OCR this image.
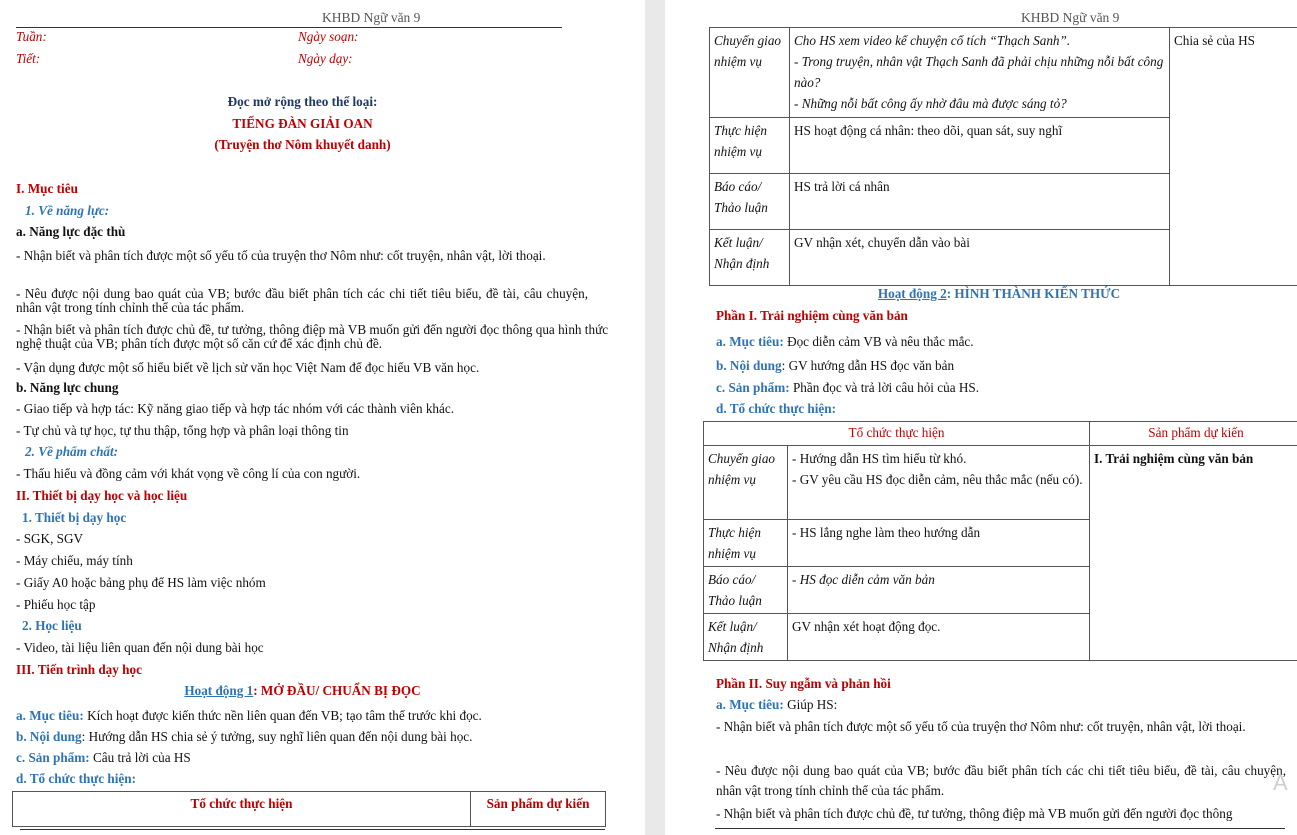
KHBD Ngữ văn 9
Tuần:	Ngày soạn:
Tiết:	Ngày dạy:
Đọc mở rộng theo thể loại:
TIẾNG ĐÀN GIẢI OAN
(Truyện thơ Nôm khuyết danh)
I. Mục tiêu
1. Về năng lực:
a. Năng lực đặc thù
- Nhận biết và phân tích được một số yếu tố của truyện thơ Nôm như: cốt truyện, nhân vật, lời thoại.
- Nêu được nội dung bao quát của VB; bước đầu biết phân tích các chi tiết tiêu biểu, đề tài, câu chuyện, nhân vật trong tính chỉnh thể của tác phẩm.
- Nhận biết và phân tích được chủ đề, tư tưởng, thông điệp mà VB muốn gửi đến người đọc thông qua hình thức nghệ thuật của VB; phân tích được một số căn cứ để xác định chủ đề.
- Vận dụng được một số hiểu biết về lịch sử văn học Việt Nam để đọc hiểu VB văn học.
b. Năng lực chung
- Giao tiếp và hợp tác: Kỹ năng giao tiếp và hợp tác nhóm với các thành viên khác.
- Tự chủ và tự học, tự thu thập, tổng hợp và phân loại thông tin
2. Về phẩm chất:
- Thấu hiểu và đồng cảm với khát vọng về công lí của con người.
II. Thiết bị dạy học và học liệu
1. Thiết bị dạy học
- SGK, SGV
- Máy chiếu, máy tính
- Giấy A0 hoặc bảng phụ để HS làm việc nhóm
- Phiếu học tập
2. Học liệu
- Video, tài liệu liên quan đến nội dung bài học
III. Tiến trình dạy học
Hoạt động 1: MỞ ĐẦU/ CHUẨN BỊ ĐỌC
a. Mục tiêu: Kích hoạt được kiến thức nền liên quan đến VB; tạo tâm thế trước khi đọc.
b. Nội dung: Hướng dẫn HS chia sẻ ý tưởng, suy nghĩ liên quan đến nội dung bài học.
c. Sản phẩm: Câu trả lời của HS
d. Tổ chức thực hiện:
Tổ chức thực hiện	Sản phẩm dự kiến
KHBD Ngữ văn 9
Chuyển giao nhiệm vụ	Cho HS xem video kể chuyện cổ tích “Thạch Sanh”.
- Trong truyện, nhân vật Thạch Sanh đã phải chịu những nỗi bất công nào?
- Những nỗi bất công ấy nhờ đâu mà được sáng tỏ?	Chia sẻ của HS
Thực hiện nhiệm vụ	HS hoạt động cá nhân: theo dõi, quan sát, suy nghĩ	
Báo cáo/ Thảo luận	HS trả lời cá nhân	
Kết luận/ Nhận định	GV nhận xét, chuyển dẫn vào bài	
Hoạt động 2: HÌNH THÀNH KIẾN THỨC
Phần I. Trải nghiệm cùng văn bản
a. Mục tiêu: Đọc diễn cảm VB và nêu thắc mắc.
b. Nội dung: GV hướng dẫn HS đọc văn bản
c. Sản phẩm: Phần đọc và trả lời câu hỏi của HS.
d. Tổ chức thực hiện:
Tổ chức thực hiện		Sản phẩm dự kiến
Chuyển giao nhiệm vụ	- Hướng dẫn HS tìm hiểu từ khó.
- GV yêu cầu HS đọc diễn cảm, nêu thắc mắc (nếu có).	I. Trải nghiệm cùng văn bản
Thực hiện nhiệm vụ	- HS lắng nghe làm theo hướng dẫn	
Báo cáo/ Thảo luận	- HS đọc diễn cảm văn bản	
Kết luận/ Nhận định	GV nhận xét hoạt động đọc.	
Phần II. Suy ngẫm và phản hồi
a. Mục tiêu: Giúp HS:
- Nhận biết và phân tích được một số yếu tố của truyện thơ Nôm như: cốt truyện, nhân vật, lời thoại.
- Nêu được nội dung bao quát của VB; bước đầu biết phân tích các chi tiết tiêu biểu, đề tài, câu chuyện, nhân vật trong tính chỉnh thể của tác phẩm.
- Nhận biết và phân tích được chủ đề, tư tưởng, thông điệp mà VB muốn gửi đến người đọc thông
A
